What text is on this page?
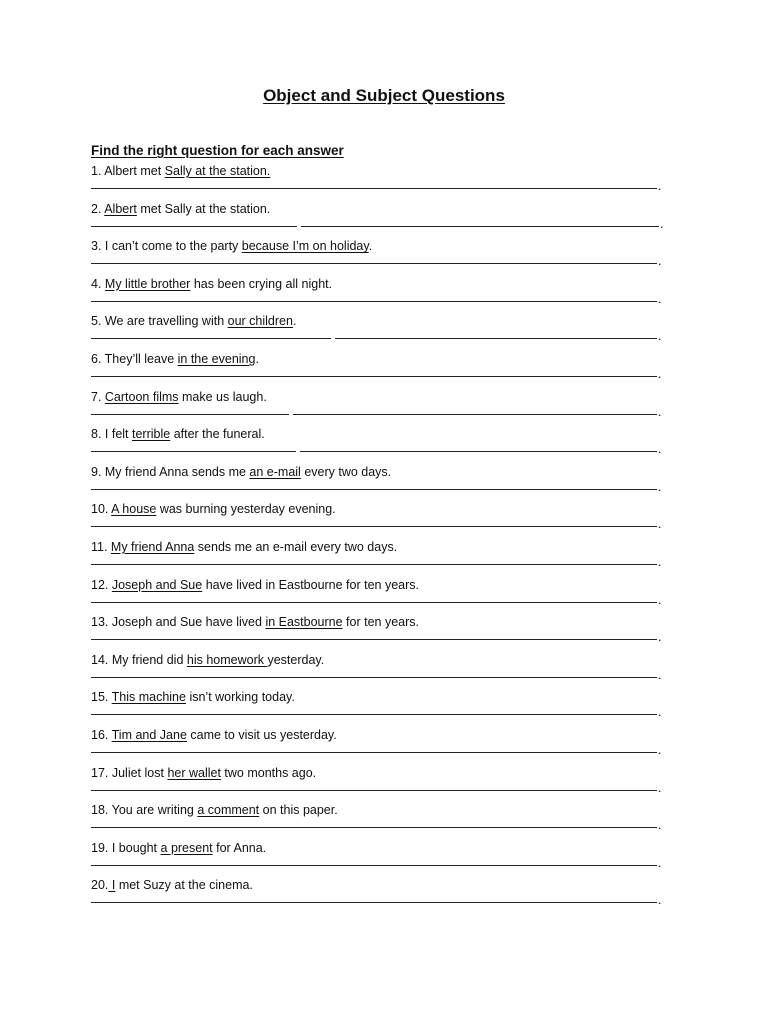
Object and Subject Questions
Find the right question for each answer
1. Albert met Sally at the station.
.
2. Albert met Sally at the station.
.
3. I can’t come to the party because I’m on holiday.
.
4. My little brother has been crying all night.
.
5. We are travelling with our children.
.
6. They’ll leave in the evening.
.
7. Cartoon films make us laugh.
.
8. I felt terrible after the funeral.
.
9. My friend Anna sends me an e-mail every two days.
.
10. A house was burning yesterday evening.
.
11. My friend Anna sends me an e-mail every two days.
.
12. Joseph and Sue have lived in Eastbourne for ten years.
.
13. Joseph and Sue have lived in Eastbourne for ten years.
.
14. My friend did his homework yesterday.
.
15. This machine isn’t working today.
.
16. Tim and Jane came to visit us yesterday.
.
17. Juliet lost her wallet two months ago.
.
18. You are writing a comment on this paper.
.
19. I bought a present for Anna.
.
20. I met Suzy at the cinema.
.
